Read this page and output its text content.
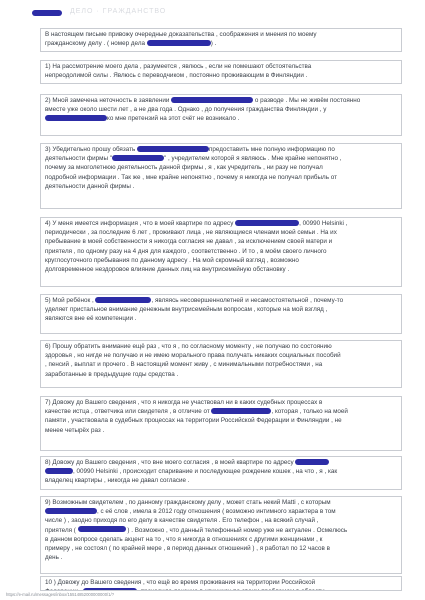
ДЕЛО · ГРАЖДАНСТВО

В настоящем письме привожу очередные доказательства , соображения и мнения по моему

гражданскому делу . ( номер дела	) .

1) На рассмотрение моего дела , разумеется , явлюсь , если не помешают обстоятельства

непреодолимой силы . Явлюсь с переводчиком , постоянно проживающим в Финляндии .

2) Мной замечена неточность в заявлении	о разводе . Мы не живём постоянно

вместе уже около шести лет , а не два года . Однако , до получения гражданства Финляндии , у

ко мне претензий на этот счёт не возникало .

3) Убедительно прошу обязать	предоставить мне полную информацию по

деятельности фирмы "	" , учредителем которой я являюсь . Мне крайне непонятно ,

почему за многолетнюю деятельность данной фирмы , я , как учредитель , ни разу не получал

подробной информации . Так же , мне крайне непонятно , почему я никогда не получал прибыль от

деятельности данной фирмы .

4) У меня имеется информация , что в моей квартире по адресу	, 00990 Helsinki ,

периодически , за последние 6 лет , проживают лица , не являющиеся членами моей семьи . На их

пребывание в моей собственности я никогда согласия не давал , за исключением своей матери и

приятеля , по одному разу на 4 дня для каждого , соответственно . И то , в моём своего личного

круглосуточного пребывания по данному адресу . На мой скромный взгляд , возможно

долговременное нездоровое влияние данных лиц на внутрисемейную обстановку .

5) Мой ребёнок ,	, являясь несовершеннолетней и несамостоятельной , почему-то

уделяет пристальное внимание денежным внутрисемейным вопросам , которые на мой взгляд ,

являются вне её компетенции .

6) Прошу обратить внимание ещё раз , что я , по согласному моменту , не получаю по состоянию

здоровья , но нигде не получаю и не имею морального права получать никаких социальных пособий

, пенсий , выплат и прочего . В настоящий момент живу , с минимальными потребностями , на

заработанные в предыдущие годы средства .

7) Довожу до Вашего сведения , что я никогда не участвовал ни в каких судебных процессах в

качестве истца , ответчика или свидетеля , в отличие от	, которая , только на моей

памяти , участвовала в судебных процессах на территории Российской Федерации и Финляндии , не

менее четырёх раз .

8) Довожу до Вашего сведения , что вне моего согласия , в моей квартире по адресу

, 00990 Helsinki , происходит спаривание и последующее рождение кошек , на что , я , как

владелец квартиры , никогда не давал согласие .

9) Возможным свидетелем , по данному гражданскому делу , может стать некий Matti , с которым

, с её слов , имела в 2012 году отношения ( возможно интимного характера в том

числе ) , заодно приходя по его делу в качестве свидетеля . Его телефон , на всякий случай ,

приятеля (	) . Возможно , что данный телефонный номер уже не актуален . Осмелюсь

в данном вопросе сделать акцент на то , что я никогда в отношениях с другими женщинами , к

примеру , не состоял ( по крайней мере , в период данных отношений ) , я работал по 12 часов в

день .

10 ) Довожу до Вашего сведения , что ещё во время проживания на территории Российской

https://e-mail.ru/messages/inbox/15514852000000000/1/?
